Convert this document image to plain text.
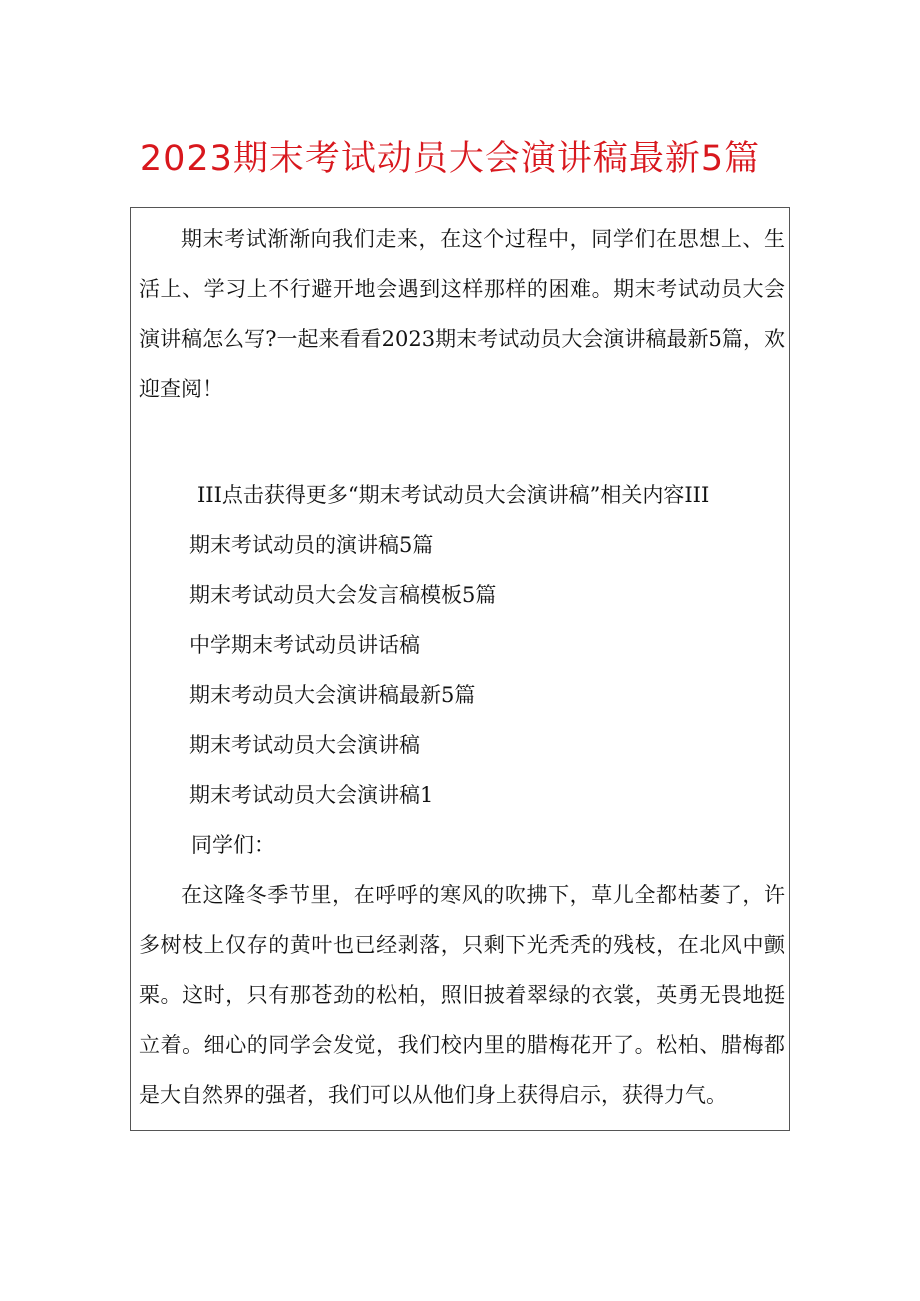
2023期末考试动员大会演讲稿最新5篇

期末考试渐渐向我们走来，在这个过程中，同学们在思想上、生活上、学习上不行避开地会遇到这样那样的困难。期末考试动员大会演讲稿怎么写?一起来看看2023期末考试动员大会演讲稿最新5篇，欢迎查阅！

III点击获得更多“期末考试动员大会演讲稿”相关内容III

期末考试动员的演讲稿5篇

期末考试动员大会发言稿模板5篇

中学期末考试动员讲话稿

期末考动员大会演讲稿最新5篇

期末考试动员大会演讲稿

期末考试动员大会演讲稿1

同学们：

在这隆冬季节里，在呼呼的寒风的吹拂下，草儿全都枯萎了，许多树枝上仅存的黄叶也已经剥落，只剩下光秃秃的残枝，在北风中颤栗。这时，只有那苍劲的松柏，照旧披着翠绿的衣裳，英勇无畏地挺立着。细心的同学会发觉，我们校内里的腊梅花开了。松柏、腊梅都是大自然界的强者，我们可以从他们身上获得启示，获得力气。
